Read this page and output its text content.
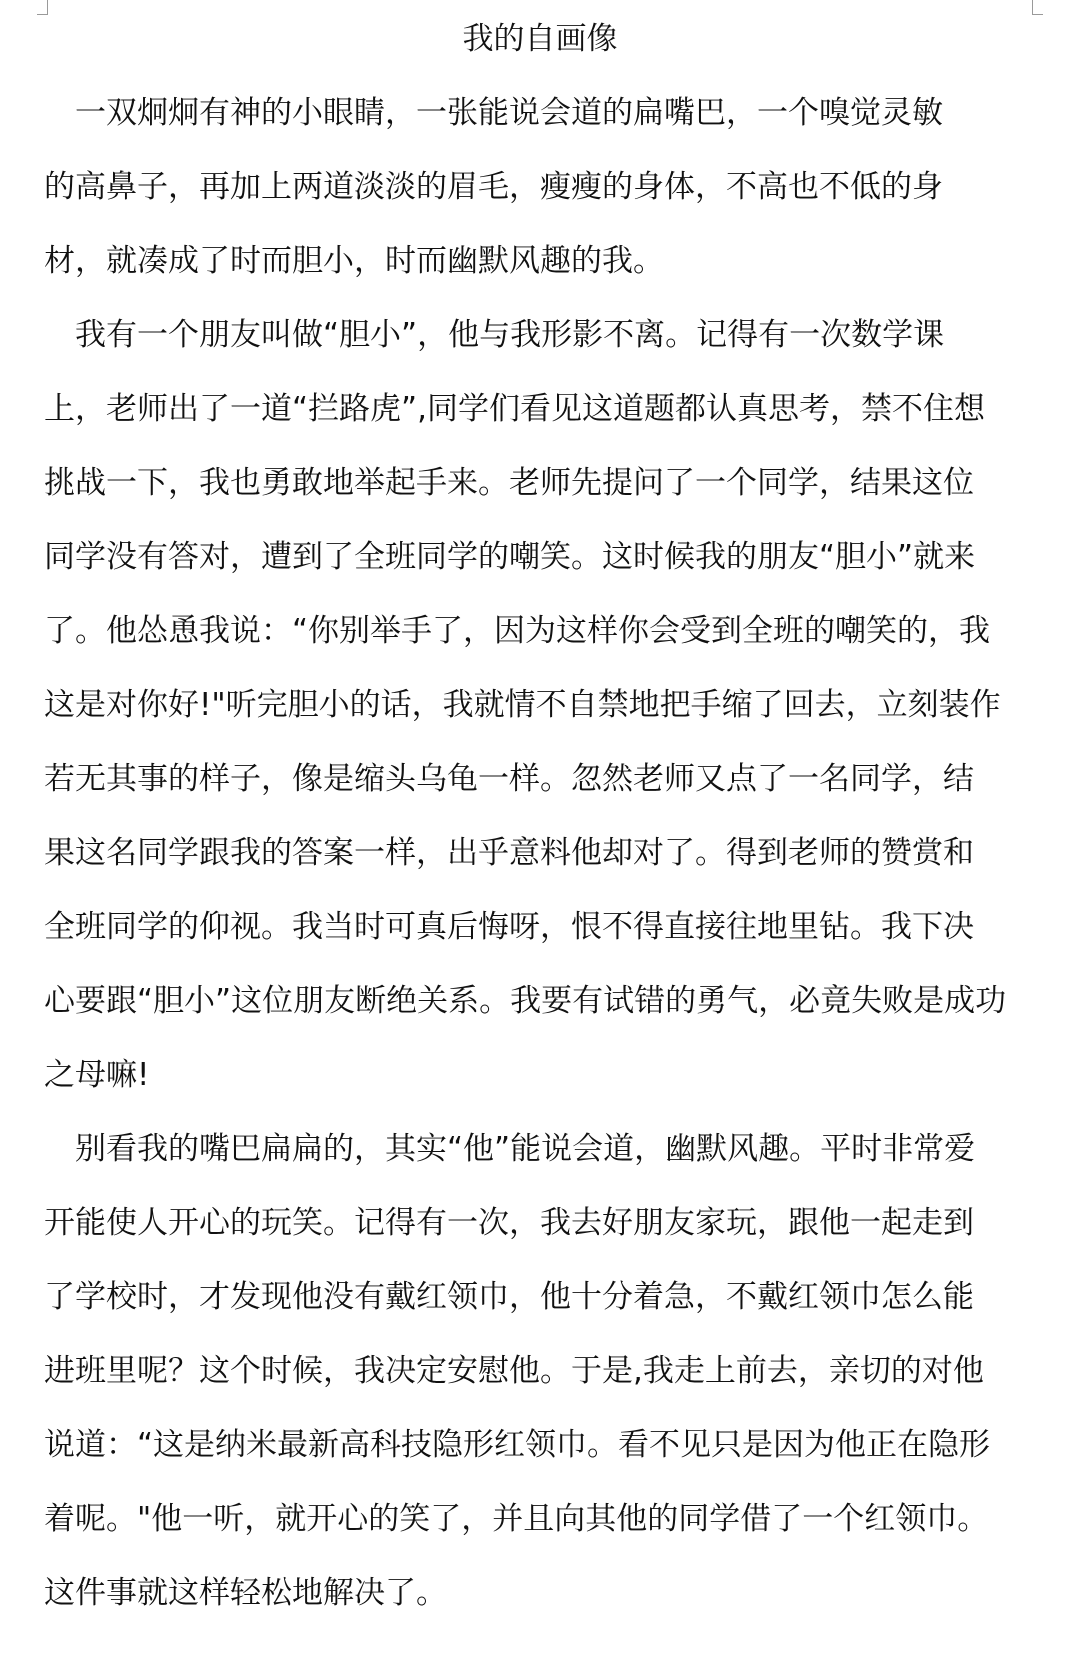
我的自画像
　一双炯炯有神的小眼睛，一张能说会道的扁嘴巴，一个嗅觉灵敏
的高鼻子，再加上两道淡淡的眉毛，瘦瘦的身体，不高也不低的身
材，就凑成了时而胆小，时而幽默风趣的我。
　我有一个朋友叫做“胆小”，他与我形影不离。记得有一次数学课
上，老师出了一道“拦路虎”,同学们看见这道题都认真思考，禁不住想
挑战一下，我也勇敢地举起手来。老师先提问了一个同学，结果这位
同学没有答对，遭到了全班同学的嘲笑。这时候我的朋友“胆小”就来
了。他怂恿我说：“你别举手了，因为这样你会受到全班的嘲笑的，我
这是对你好!"听完胆小的话，我就情不自禁地把手缩了回去，立刻装作
若无其事的样子，像是缩头乌龟一样。忽然老师又点了一名同学，结
果这名同学跟我的答案一样，出乎意料他却对了。得到老师的赞赏和
全班同学的仰视。我当时可真后悔呀，恨不得直接往地里钻。我下决
心要跟“胆小”这位朋友断绝关系。我要有试错的勇气，必竟失败是成功
之母嘛!
　别看我的嘴巴扁扁的，其实“他”能说会道，幽默风趣。平时非常爱
开能使人开心的玩笑。记得有一次，我去好朋友家玩，跟他一起走到
了学校时，才发现他没有戴红领巾，他十分着急，不戴红领巾怎么能
进班里呢？这个时候，我决定安慰他。于是,我走上前去，亲切的对他
说道：“这是纳米最新高科技隐形红领巾。看不见只是因为他正在隐形
着呢。"他一听，就开心的笑了，并且向其他的同学借了一个红领巾。
这件事就这样轻松地解决了。
